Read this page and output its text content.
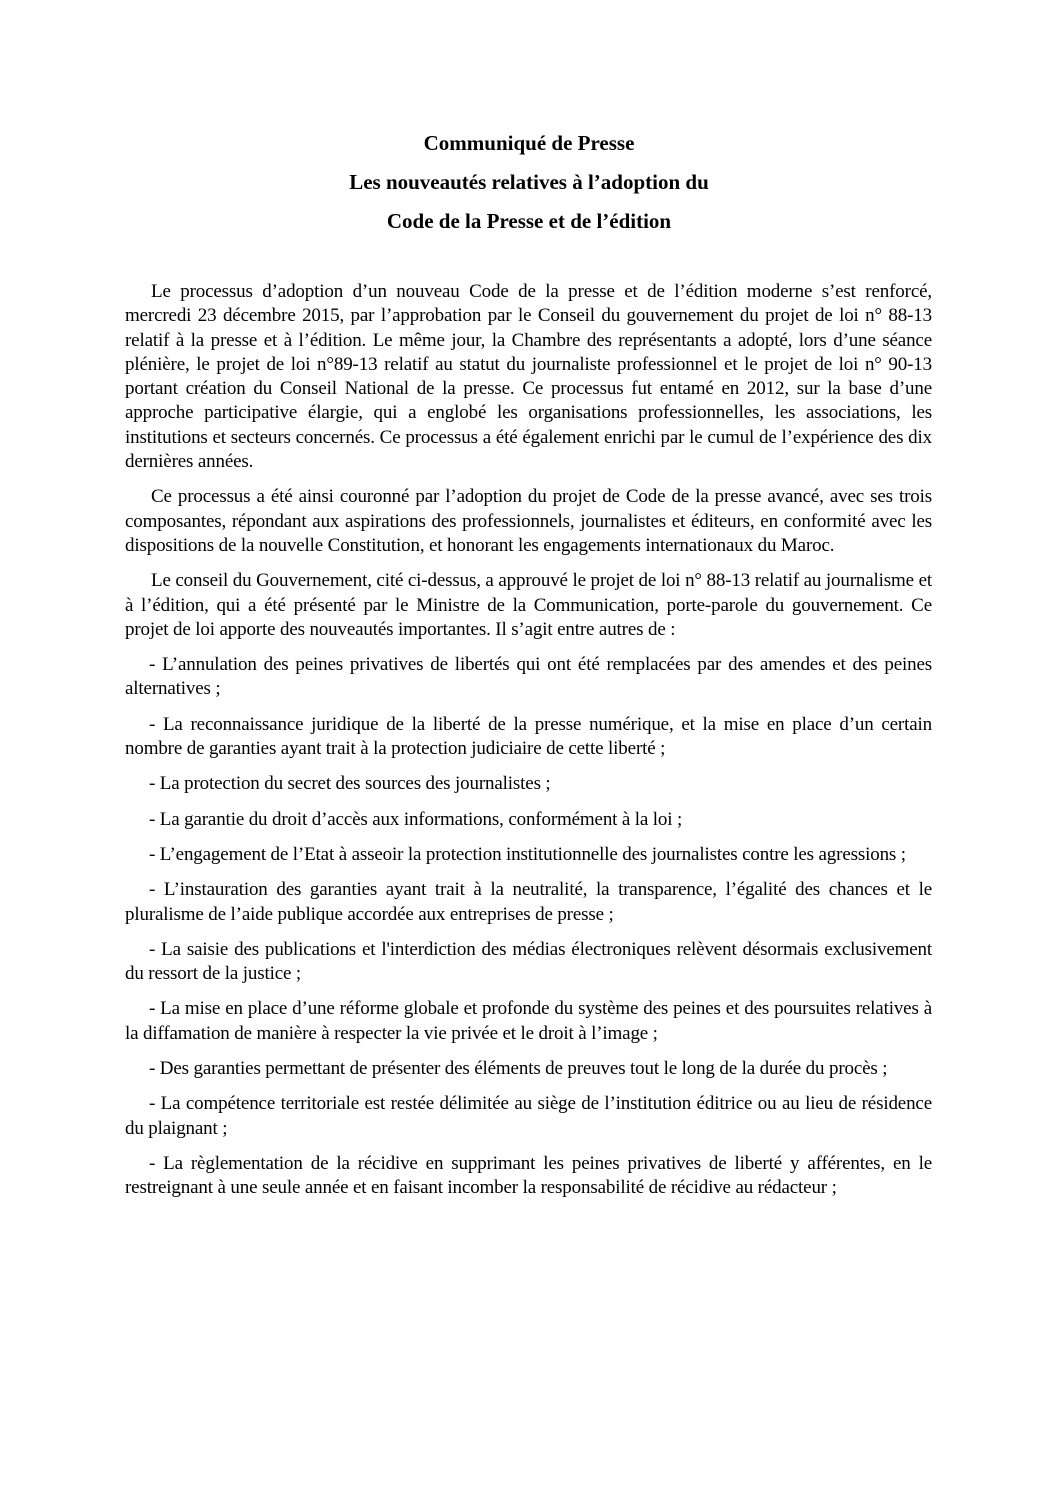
Communiqué de Presse

Les nouveautés relatives à l’adoption du

Code de la Presse et de l’édition

Le processus d’adoption d’un nouveau Code de la presse et de l’édition moderne s’est renforcé, mercredi 23 décembre 2015, par l’approbation par le Conseil du gouvernement du projet de loi n° 88-13 relatif à la presse et à l’édition. Le même jour, la Chambre des représentants a adopté, lors d’une séance plénière, le projet de loi n°89-13 relatif au statut du journaliste professionnel et le projet de loi n° 90-13 portant création du Conseil National de la presse. Ce processus fut entamé en 2012, sur la base d’une approche participative élargie, qui a englobé les organisations professionnelles, les associations, les institutions et secteurs concernés. Ce processus a été également enrichi par le cumul de l’expérience des dix dernières années.

Ce processus a été ainsi couronné par l’adoption du projet de Code de la presse avancé, avec ses trois composantes, répondant aux aspirations des professionnels, journalistes et éditeurs, en conformité avec les dispositions de la nouvelle Constitution, et honorant les engagements internationaux du Maroc.

Le conseil du Gouvernement, cité ci-dessus, a approuvé le projet de loi n° 88-13 relatif au journalisme et à l’édition, qui a été présenté par le Ministre de la Communication, porte-parole du gouvernement. Ce projet de loi apporte des nouveautés importantes. Il s’agit entre autres de :

- L’annulation des peines privatives de libertés qui ont été remplacées par des amendes et des peines alternatives ;

- La reconnaissance juridique de la liberté de la presse numérique, et la mise en place d’un certain nombre de garanties ayant trait à la protection judiciaire de cette liberté ;

- La protection du secret des sources des journalistes ;

- La garantie du droit d’accès aux informations, conformément à la loi ;

- L’engagement de l’Etat à asseoir la protection institutionnelle des journalistes contre les agressions ;

- L’instauration des garanties ayant trait à la neutralité, la transparence, l’égalité des chances et le pluralisme de l’aide publique accordée aux entreprises de presse ;

- La saisie des publications et l'interdiction des médias électroniques relèvent désormais exclusivement du ressort de la justice ;

- La mise en place d’une réforme globale et profonde du système des peines et des poursuites relatives à la diffamation de manière à respecter la vie privée et le droit à l’image ;

- Des garanties permettant de présenter des éléments de preuves tout le long de la durée du procès ;

- La compétence territoriale est restée délimitée au siège de l’institution éditrice ou au lieu de résidence du plaignant ;

- La règlementation de la récidive en supprimant les peines privatives de liberté y afférentes, en le restreignant à une seule année et en faisant incomber la responsabilité de récidive au rédacteur ;
